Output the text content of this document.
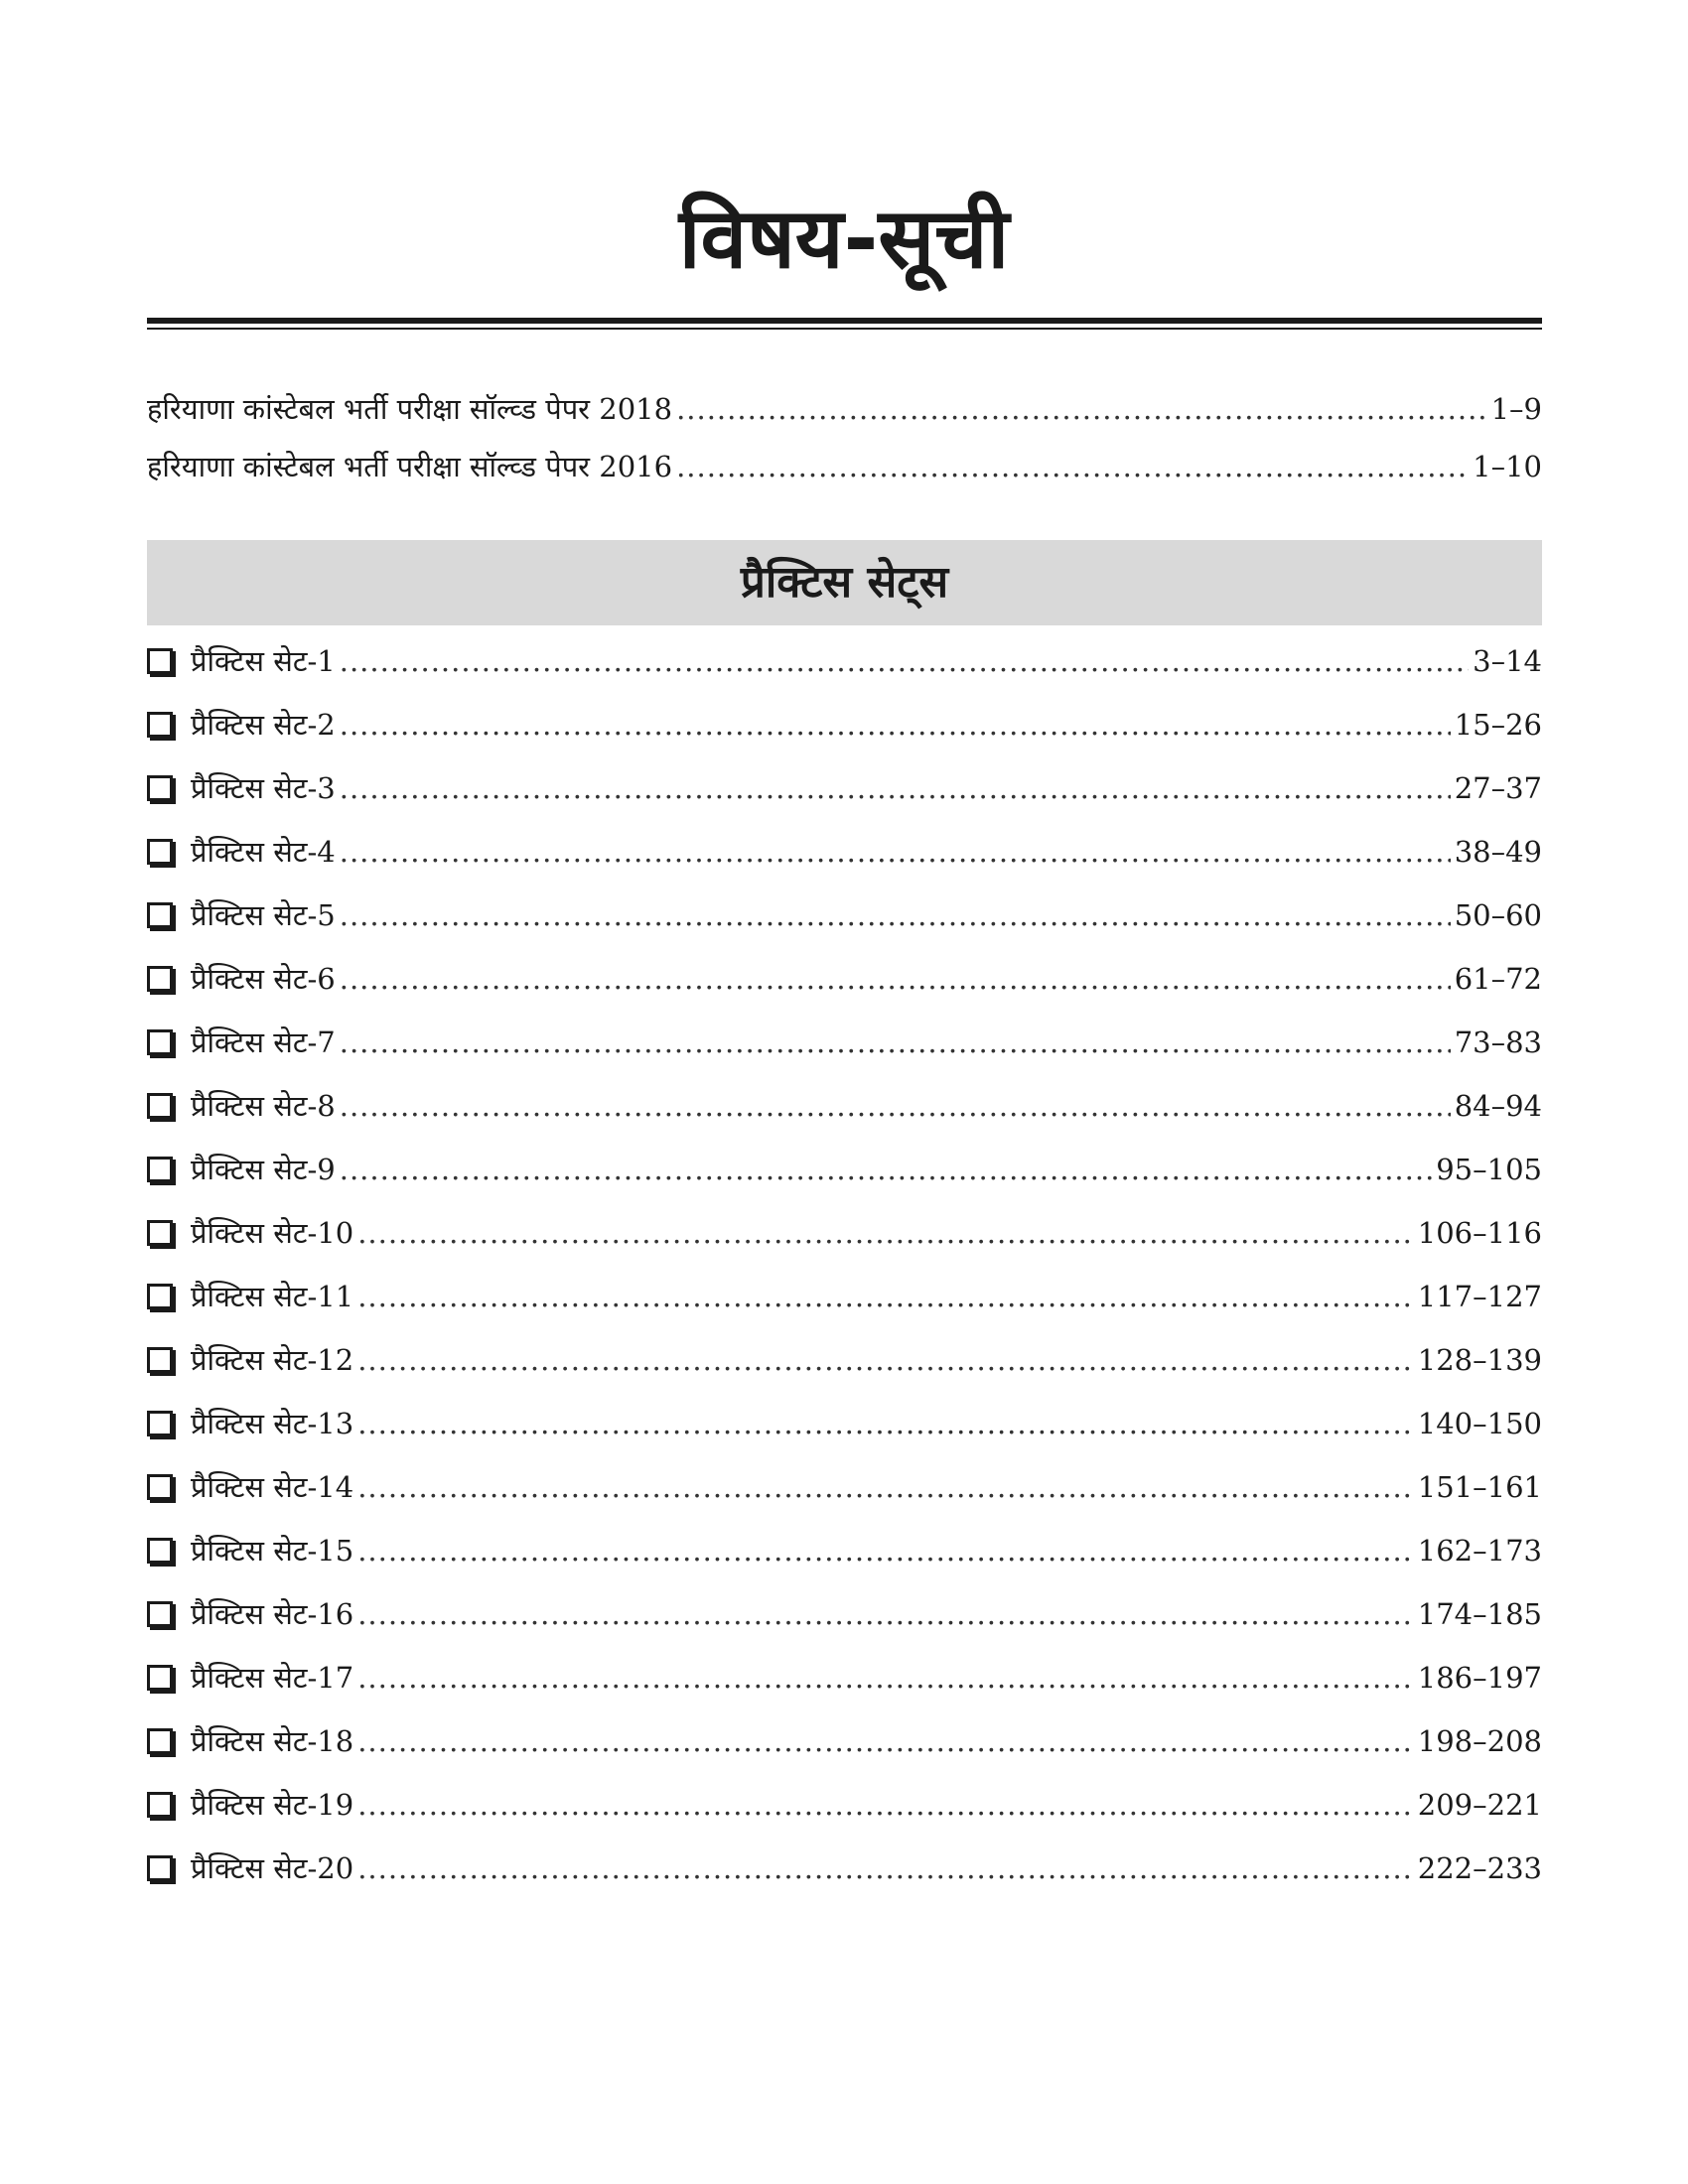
विषय-सूची
हरियाणा कांस्टेबल भर्ती परीक्षा सॉल्व्ड पेपर 2018 .....	1–9
हरियाणा कांस्टेबल भर्ती परीक्षा सॉल्व्ड पेपर 2016 .....	1–10
प्रैक्टिस सेट्स
प्रैक्टिस सेट-1 .....	3–14
प्रैक्टिस सेट-2 .....	15–26
प्रैक्टिस सेट-3 .....	27–37
प्रैक्टिस सेट-4 .....	38–49
प्रैक्टिस सेट-5 .....	50–60
प्रैक्टिस सेट-6 .....	61–72
प्रैक्टिस सेट-7 .....	73–83
प्रैक्टिस सेट-8 .....	84–94
प्रैक्टिस सेट-9 .....	95–105
प्रैक्टिस सेट-10 .....	106–116
प्रैक्टिस सेट-11 .....	117–127
प्रैक्टिस सेट-12 .....	128–139
प्रैक्टिस सेट-13 .....	140–150
प्रैक्टिस सेट-14 .....	151–161
प्रैक्टिस सेट-15 .....	162–173
प्रैक्टिस सेट-16 .....	174–185
प्रैक्टिस सेट-17 .....	186–197
प्रैक्टिस सेट-18 .....	198–208
प्रैक्टिस सेट-19 .....	209–221
प्रैक्टिस सेट-20 .....	222–233
